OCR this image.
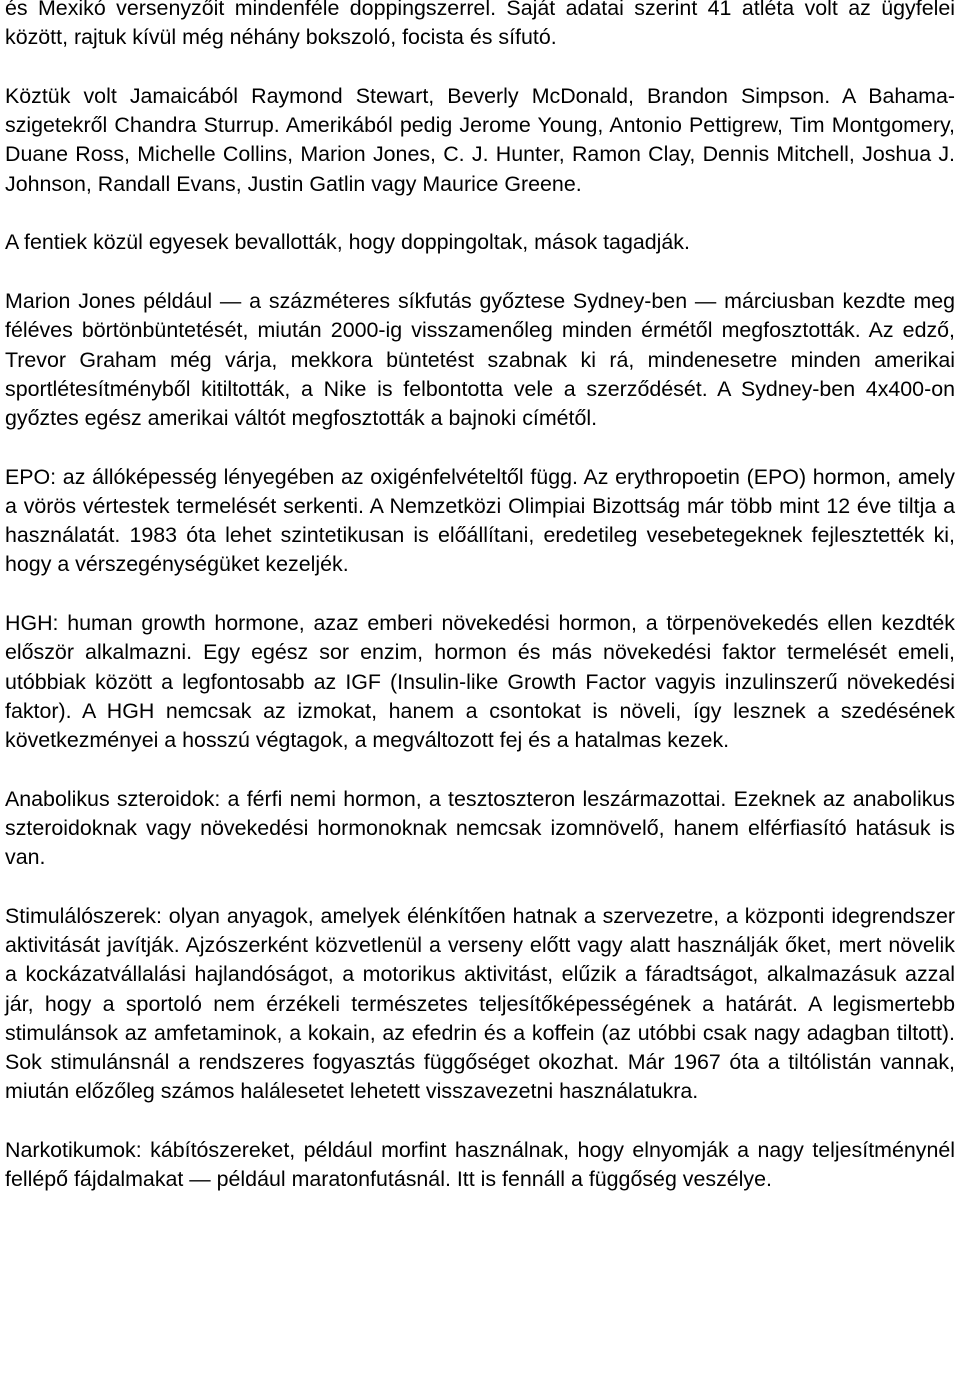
és Mexikó versenyzőit mindenféle doppingszerrel. Saját adatai szerint 41 atléta volt az ügyfelei között, rajtuk kívül még néhány bokszoló, focista és sífutó.

Köztük volt Jamaicából Raymond Stewart, Beverly McDonald, Brandon Simpson. A Bahama-szigetekről Chandra Sturrup. Amerikából pedig Jerome Young, Antonio Pettigrew, Tim Montgomery, Duane Ross, Michelle Collins, Marion Jones, C. J. Hunter, Ramon Clay, Dennis Mitchell, Joshua J. Johnson, Randall Evans, Justin Gatlin vagy Maurice Greene.

A fentiek közül egyesek bevallották, hogy doppingoltak, mások tagadják.

Marion Jones például — a százméteres síkfutás győztese Sydney-ben — márciusban kezdte meg féléves börtönbüntetését, miután 2000-ig visszamenőleg minden érmétől megfosztották. Az edző, Trevor Graham még várja, mekkora büntetést szabnak ki rá, mindenesetre minden amerikai sportlétesítményből kitiltották, a Nike is felbontotta vele a szerződését. A Sydney-ben 4x400-on győztes egész amerikai váltót megfosztották a bajnoki címétől.

EPO: az állóképesség lényegében az oxigénfelvételtől függ. Az erythropoetin (EPO) hormon, amely a vörös vértestek termelését serkenti. A Nemzetközi Olimpiai Bizottság már több mint 12 éve tiltja a használatát. 1983 óta lehet szintetikusan is előállítani, eredetileg vesebetegeknek fejlesztették ki, hogy a vérszegénységüket kezeljék.

HGH: human growth hormone, azaz emberi növekedési hormon, a törpenövekedés ellen kezdték először alkalmazni. Egy egész sor enzim, hormon és más növekedési faktor termelését emeli, utóbbiak között a legfontosabb az IGF (Insulin-like Growth Factor vagyis inzulinszerű növekedési faktor). A HGH nemcsak az izmokat, hanem a csontokat is növeli, így lesznek a szedésének következményei a hosszú végtagok, a megváltozott fej és a hatalmas kezek.

Anabolikus szteroidok: a férfi nemi hormon, a tesztoszteron leszármazottai. Ezeknek az anabolikus szteroidoknak vagy növekedési hormonoknak nemcsak izomnövelő, hanem elférfiasító hatásuk is van.

Stimulálószerek: olyan anyagok, amelyek élénkítően hatnak a szervezetre, a központi idegrendszer aktivitását javítják. Ajzószerként közvetlenül a verseny előtt vagy alatt használják őket, mert növelik a kockázatvállalási hajlandóságot, a motorikus aktivitást, elűzik a fáradtságot, alkalmazásuk azzal jár, hogy a sportoló nem érzékeli természetes teljesítőképességének a határát. A legismertebb stimulánsok az amfetaminok, a kokain, az efedrin és a koffein (az utóbbi csak nagy adagban tiltott). Sok stimulánsnál a rendszeres fogyasztás függőséget okozhat. Már 1967 óta a tiltólistán vannak, miután előzőleg számos halálesetet lehetett visszavezetni használatukra.

Narkotikumok: kábítószereket, például morfint használnak, hogy elnyomják a nagy teljesítménynél fellépő fájdalmakat — például maratonfutásnál. Itt is fennáll a függőség veszélye.
